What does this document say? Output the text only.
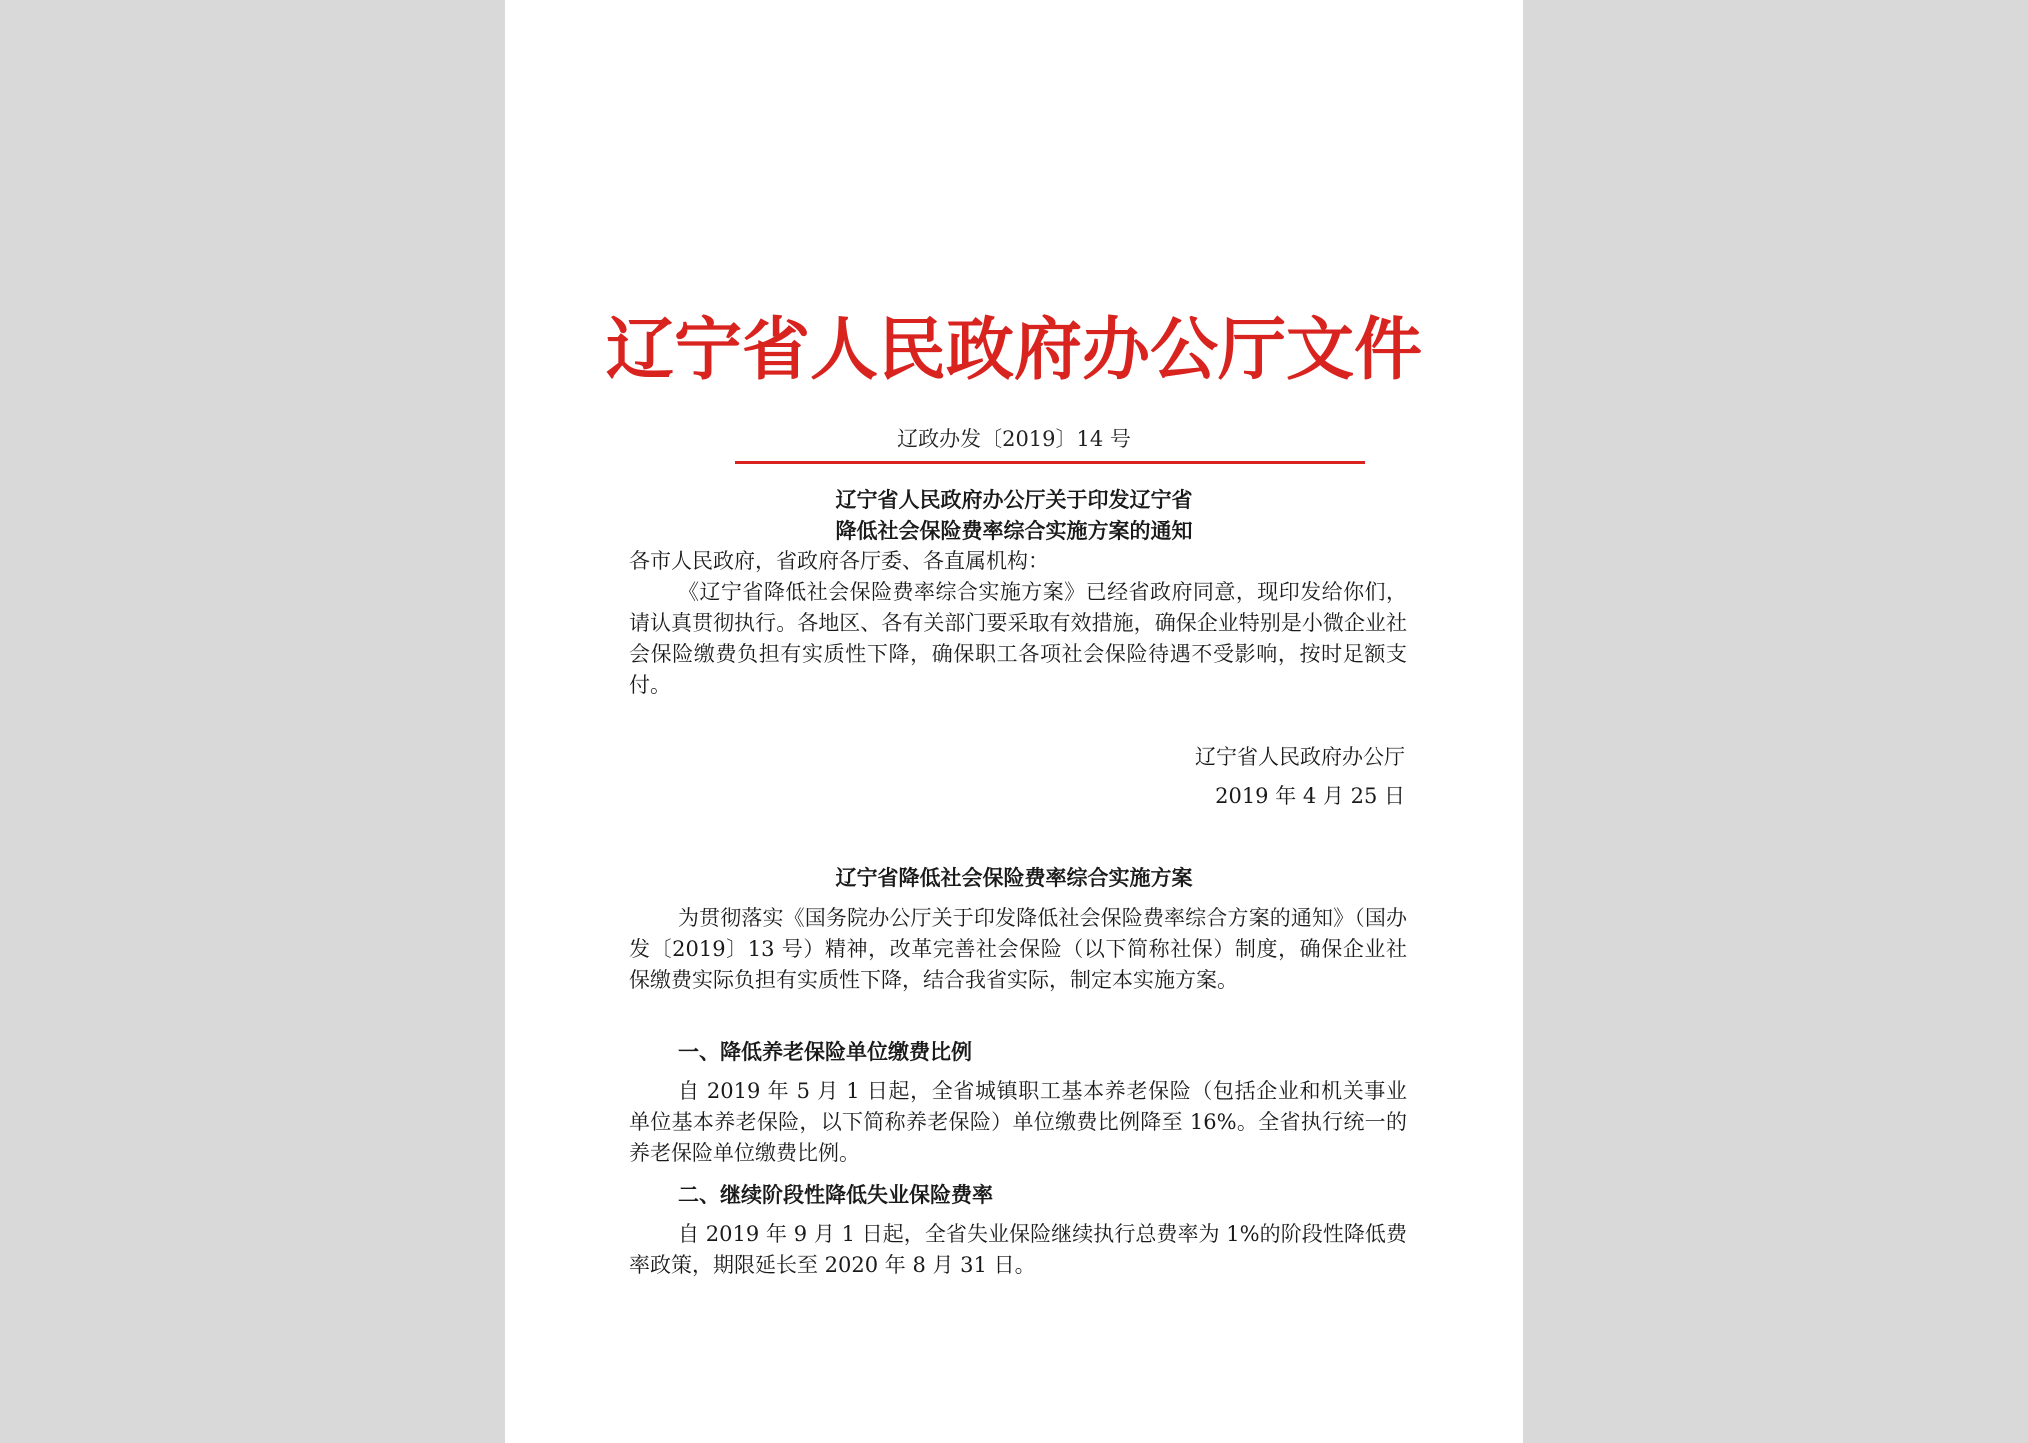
辽宁省人民政府办公厅文件
辽政办发〔2019〕14 号
辽宁省人民政府办公厅关于印发辽宁省
降低社会保险费率综合实施方案的通知
各市人民政府，省政府各厅委、各直属机构：
《辽宁省降低社会保险费率综合实施方案》已经省政府同意，现印发给你们，请认真贯彻执行。各地区、各有关部门要采取有效措施，确保企业特别是小微企业社会保险缴费负担有实质性下降，确保职工各项社会保险待遇不受影响，按时足额支付。
辽宁省人民政府办公厅
2019 年 4 月 25 日
辽宁省降低社会保险费率综合实施方案
为贯彻落实《国务院办公厅关于印发降低社会保险费率综合方案的通知》（国办发〔2019〕13 号）精神，改革完善社会保险（以下简称社保）制度，确保企业社保缴费实际负担有实质性下降，结合我省实际，制定本实施方案。
一、降低养老保险单位缴费比例
自 2019 年 5 月 1 日起，全省城镇职工基本养老保险（包括企业和机关事业单位基本养老保险，以下简称养老保险）单位缴费比例降至 16%。全省执行统一的养老保险单位缴费比例。
二、继续阶段性降低失业保险费率
自 2019 年 9 月 1 日起，全省失业保险继续执行总费率为 1%的阶段性降低费率政策，期限延长至 2020 年 8 月 31 日。
